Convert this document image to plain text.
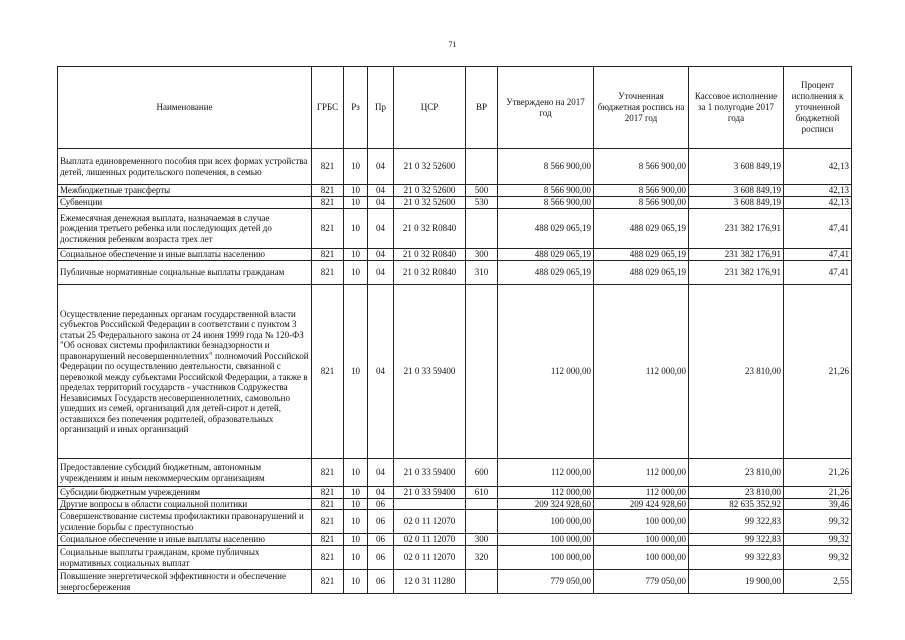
71
Наименование	ГРБС	Рз	Пр	ЦСР	ВР	Утверждено на 2017 год	Уточненная бюджетная роспись на 2017 год	Кассовое исполнение за 1 полугодие 2017 года	Процент исполнения к уточненной бюджетной росписи
Выплата единовременного пособия при всех формах устройства детей, лишенных родительского попечения, в семью	821	10	04	21 0 32 52600		8 566 900,00	8 566 900,00	3 608 849,19	42,13
Межбюджетные трансферты	821	10	04	21 0 32 52600	500	8 566 900,00	8 566 900,00	3 608 849,19	42,13
Субвенции	821	10	04	21 0 32 52600	530	8 566 900,00	8 566 900,00	3 608 849,19	42,13
Ежемесячная денежная выплата, назначаемая в случае рождения третьего ребенка или последующих детей до достижения ребенком возраста трех лет	821	10	04	21 0 32 R0840		488 029 065,19	488 029 065,19	231 382 176,91	47,41
Социальное обеспечение и иные выплаты населению	821	10	04	21 0 32 R0840	300	488 029 065,19	488 029 065,19	231 382 176,91	47,41
Публичные нормативные социальные выплаты гражданам	821	10	04	21 0 32 R0840	310	488 029 065,19	488 029 065,19	231 382 176,91	47,41
Осуществление переданных органам государственной власти субъектов Российской Федерации в соответствии с пунктом 3 статьи 25 Федерального закона от 24 июня 1999 года № 120-ФЗ "Об основах системы профилактики безнадзорности и правонарушений несовершеннолетних" полномочий Российской Федерации по осуществлению деятельности, связанной с перевозкой между субъектами Российской Федерации, а также в пределах территорий государств - участников Содружества Независимых Государств несовершеннолетних, самовольно ушедших из семей, организаций для детей-сирот и детей, оставшихся без попечения родителей, образовательных организаций и иных организаций	821	10	04	21 0 33 59400		112 000,00	112 000,00	23 810,00	21,26
Предоставление субсидий бюджетным, автономным учреждениям и иным некоммерческим организациям	821	10	04	21 0 33 59400	600	112 000,00	112 000,00	23 810,00	21,26
Субсидии бюджетным учреждениям	821	10	04	21 0 33 59400	610	112 000,00	112 000,00	23 810,00	21,26
Другие вопросы в области социальной политики	821	10	06			209 324 928,60	209 424 928,60	82 635 352,92	39,46
Совершенствование системы профилактики правонарушений и усиление борьбы с преступностью	821	10	06	02 0 11 12070		100 000,00	100 000,00	99 322,83	99,32
Социальное обеспечение и иные выплаты населению	821	10	06	02 0 11 12070	300	100 000,00	100 000,00	99 322,83	99,32
Социальные выплаты гражданам, кроме публичных нормативных социальных выплат	821	10	06	02 0 11 12070	320	100 000,00	100 000,00	99 322,83	99,32
Повышение энергетической эффективности и обеспечение энергосбережения	821	10	06	12 0 31 11280		779 050,00	779 050,00	19 900,00	2,55
